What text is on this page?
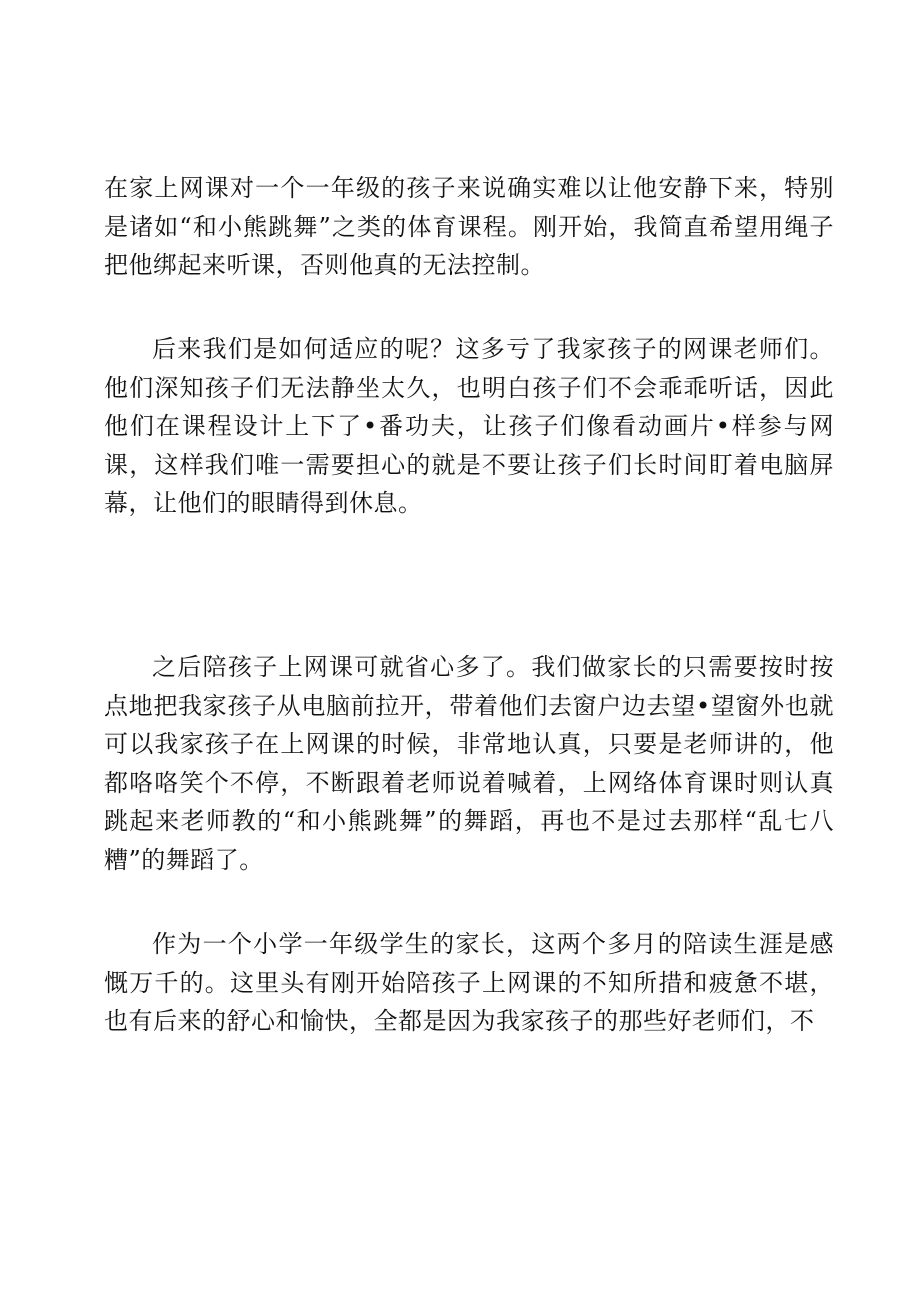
在家上网课对一个一年级的孩子来说确实难以让他安静下来，特别是诸如“和小熊跳舞”之类的体育课程。刚开始，我简直希望用绳子把他绑起来听课，否则他真的无法控制。

后来我们是如何适应的呢？这多亏了我家孩子的网课老师们。他们深知孩子们无法静坐太久，也明白孩子们不会乖乖听话，因此他们在课程设计上下了•番功夫，让孩子们像看动画片•样参与网课，这样我们唯一需要担心的就是不要让孩子们长时间盯着电脑屏幕，让他们的眼睛得到休息。

之后陪孩子上网课可就省心多了。我们做家长的只需要按时按点地把我家孩子从电脑前拉开，带着他们去窗户边去望•望窗外也就可以我家孩子在上网课的时候，非常地认真，只要是老师讲的，他都咯咯笑个不停，不断跟着老师说着喊着，上网络体育课时则认真跳起来老师教的“和小熊跳舞”的舞蹈，再也不是过去那样“乱七八糟”的舞蹈了。

作为一个小学一年级学生的家长，这两个多月的陪读生涯是感慨万千的。这里头有刚开始陪孩子上网课的不知所措和疲惫不堪，也有后来的舒心和愉快，全都是因为我家孩子的那些好老师们，不
